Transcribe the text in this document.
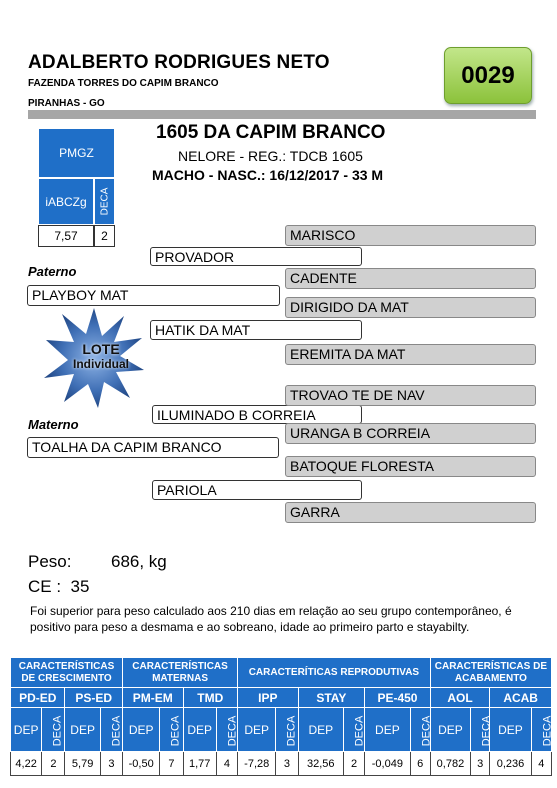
ADALBERTO RODRIGUES NETO
FAZENDA TORRES DO CAPIM BRANCO
PIRANHAS - GO
0029
PMGZ
iABCZg	DECA
7,57	2
1605 DA CAPIM BRANCO
NELORE - REG.: TDCB 1605
MACHO - NASC.: 16/12/2017 - 33 M
Paterno
Materno
PLAYBOY MAT
TOALHA DA CAPIM BRANCO
PROVADOR
HATIK DA MAT
ILUMINADO B CORREIA
PARIOLA
MARISCO
CADENTE
DIRIGIDO DA MAT
EREMITA DA MAT
TROVAO TE DE NAV
URANGA B CORREIA
BATOQUE FLORESTA
GARRA
LOTE
Individual
Peso: 686, kg
CE : 35
Foi superior para peso calculado aos 210 dias em relação ao seu grupo contemporâneo, é positivo para peso a desmama e ao sobreano, idade ao primeiro parto e stayabilty.
CARACTERÍSTICAS DE CRESCIMENTO				CARACTERÍSTICAS MATERNAS				CARACTERÍTICAS REPRODUTIVAS						CARACTERÍSTICAS DE ACABAMENTO			
PD-ED		PS-ED		PM-EM		TMD		IPP		STAY		PE-450		AOL		ACAB	
DEP	DECA	DEP	DECA	DEP	DECA	DEP	DECA	DEP	DECA	DEP	DECA	DEP	DECA	DEP	DECA	DEP	DECA
4,22	2	5,79	3	-0,50	7	1,77	4	-7,28	3	32,56	2	-0,049	6	0,782	3	0,236	4
